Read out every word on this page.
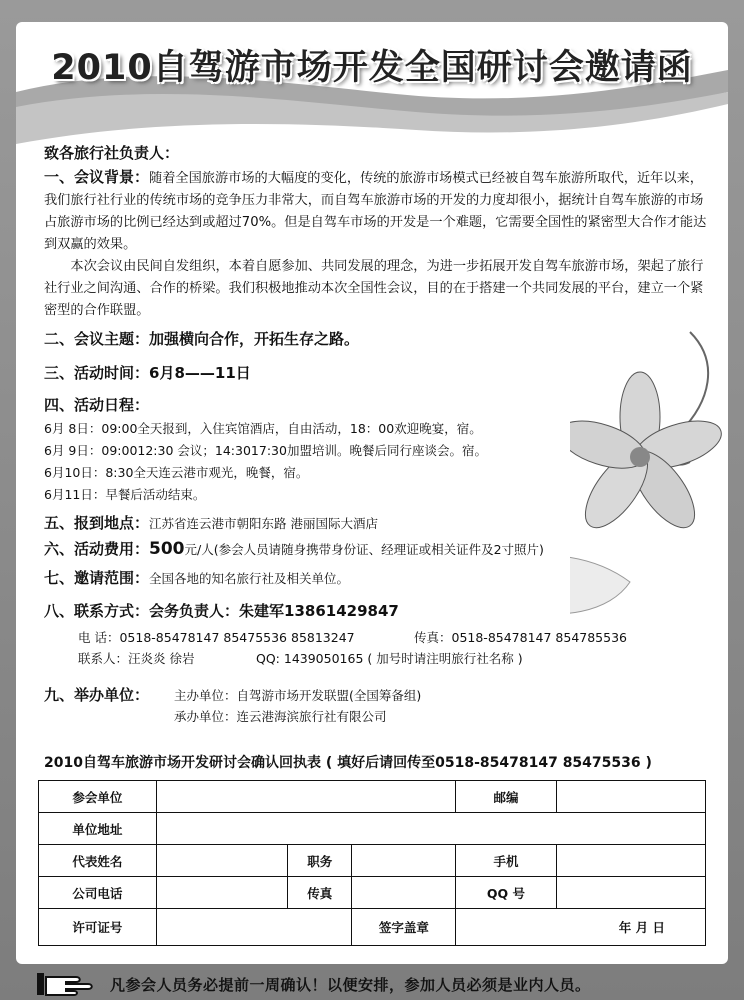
2010自驾游市场开发全国研讨会邀请函

致各旅行社负责人：

一、会议背景：随着全国旅游市场的大幅度的变化，传统的旅游市场模式已经被自驾车旅游所取代，近年以来，我们旅行社行业的传统市场的竞争压力非常大，而自驾车旅游市场的开发的力度却很小，据统计自驾车旅游的市场占旅游市场的比例已经达到或超过70%。但是自驾车市场的开发是一个难题，它需要全国性的紧密型大合作才能达到双赢的效果。

本次会议由民间自发组织，本着自愿参加、共同发展的理念，为进一步拓展开发自驾车旅游市场，架起了旅行社行业之间沟通、合作的桥梁。我们积极地推动本次全国性会议，目的在于搭建一个共同发展的平台，建立一个紧密型的合作联盟。

二、会议主题：加强横向合作，开拓生存之路。
三、活动时间：6月8——11日
四、活动日程：
6月 8日：09:00全天报到，入住宾馆酒店，自由活动，18：00欢迎晚宴，宿。
6月 9日：09:0012:30 会议；14:3017:30加盟培训。晚餐后同行座谈会。宿。
6月10日：8:30全天连云港市观光，晚餐，宿。
6月11日：早餐后活动结束。
五、报到地点：江苏省连云港市朝阳东路 港丽国际大酒店
六、活动费用：500元/人(参会人员请随身携带身份证、经理证或相关证件及2寸照片)
七、邀请范围：全国各地的知名旅行社及相关单位。
八、联系方式：会务负责人：朱建军13861429847
电 话：0518-85478147 85475536 85813247	传真：0518-85478147 854785536
联系人：汪炎炎 徐岩	QQ: 1439050165 ( 加号时请注明旅行社名称 )
九、举办单位： 主办单位：自驾游市场开发联盟(全国筹备组)
承办单位：连云港海滨旅行社有限公司
2010自驾车旅游市场开发研讨会确认回执表 ( 填好后请回传至0518-85478147 85475536 )
参会单位				邮编	
单位地址					
代表姓名		职务		手机	
公司电话		传真		QQ 号	
许可证号			签字盖章	年 月 日	
凡参会人员务必提前一周确认！以便安排，参加人员必须是业内人员。
